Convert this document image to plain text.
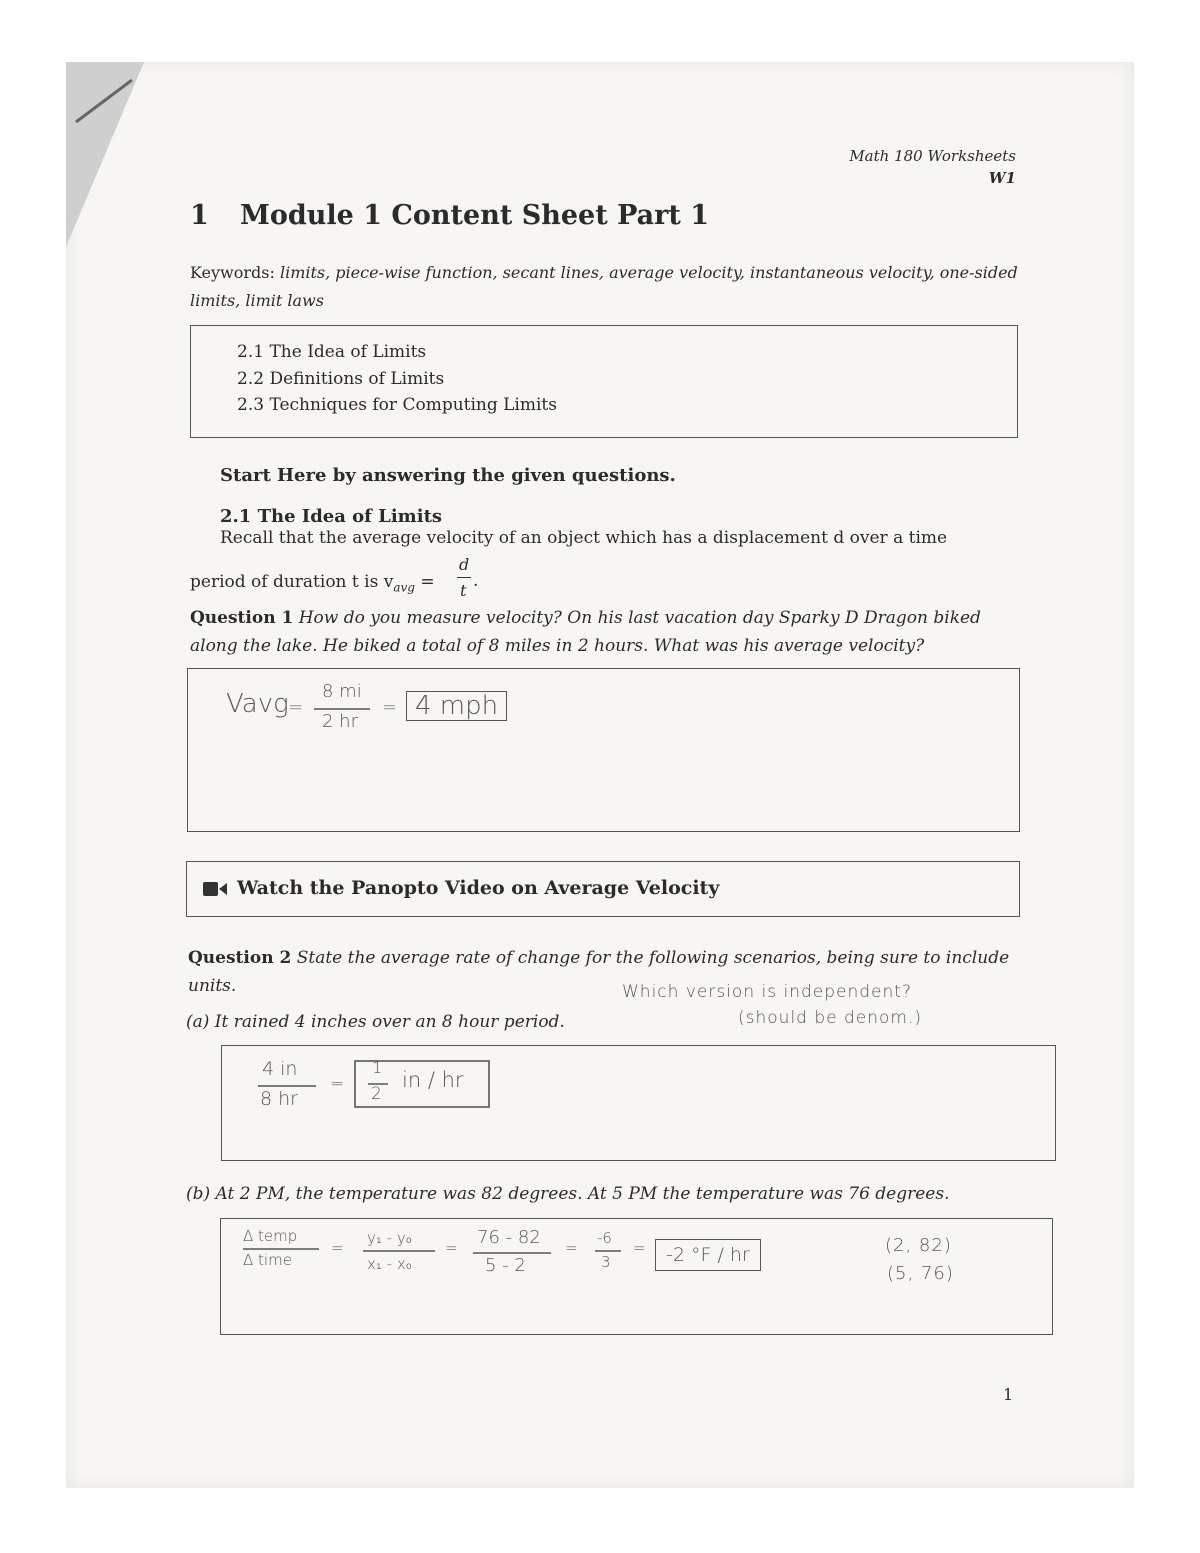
Math 180 Worksheets
W1
1 Module 1 Content Sheet Part 1
Keywords: limits, piece-wise function, secant lines, average velocity, instantaneous velocity, one-sided limits, limit laws
2.1 The Idea of Limits
2.2 Definitions of Limits
2.3 Techniques for Computing Limits
Start Here by answering the given questions.
2.1 The Idea of Limits
Recall that the average velocity of an object which has a displacement d over a time
period of duration t is $v_{avg}$ =
d
t .
Question 1 How do you measure velocity? On his last vacation day Sparky D Dragon biked along the lake. He biked a total of 8 miles in 2 hours. What was his average velocity?
Vavg =
8 mi
2 hr
= 4 mph
Watch the Panopto Video on Average Velocity
Question 2 State the average rate of change for the following scenarios, being sure to include units.	Which version is independent?
(should be denom.)
(a) It rained 4 inches over an 8 hour period.
4 in
8 hr
=
1
2
in / hr
(b) At 2 PM, the temperature was 82 degrees. At 5 PM the temperature was 76 degrees.
Δ temp
Δ time
=
y₁ - y₀
x₁ - x₀
= 76 - 82
5 - 2
=
-6
3
=	-2 °F / hr	(2, 82)
(5, 76)
1
